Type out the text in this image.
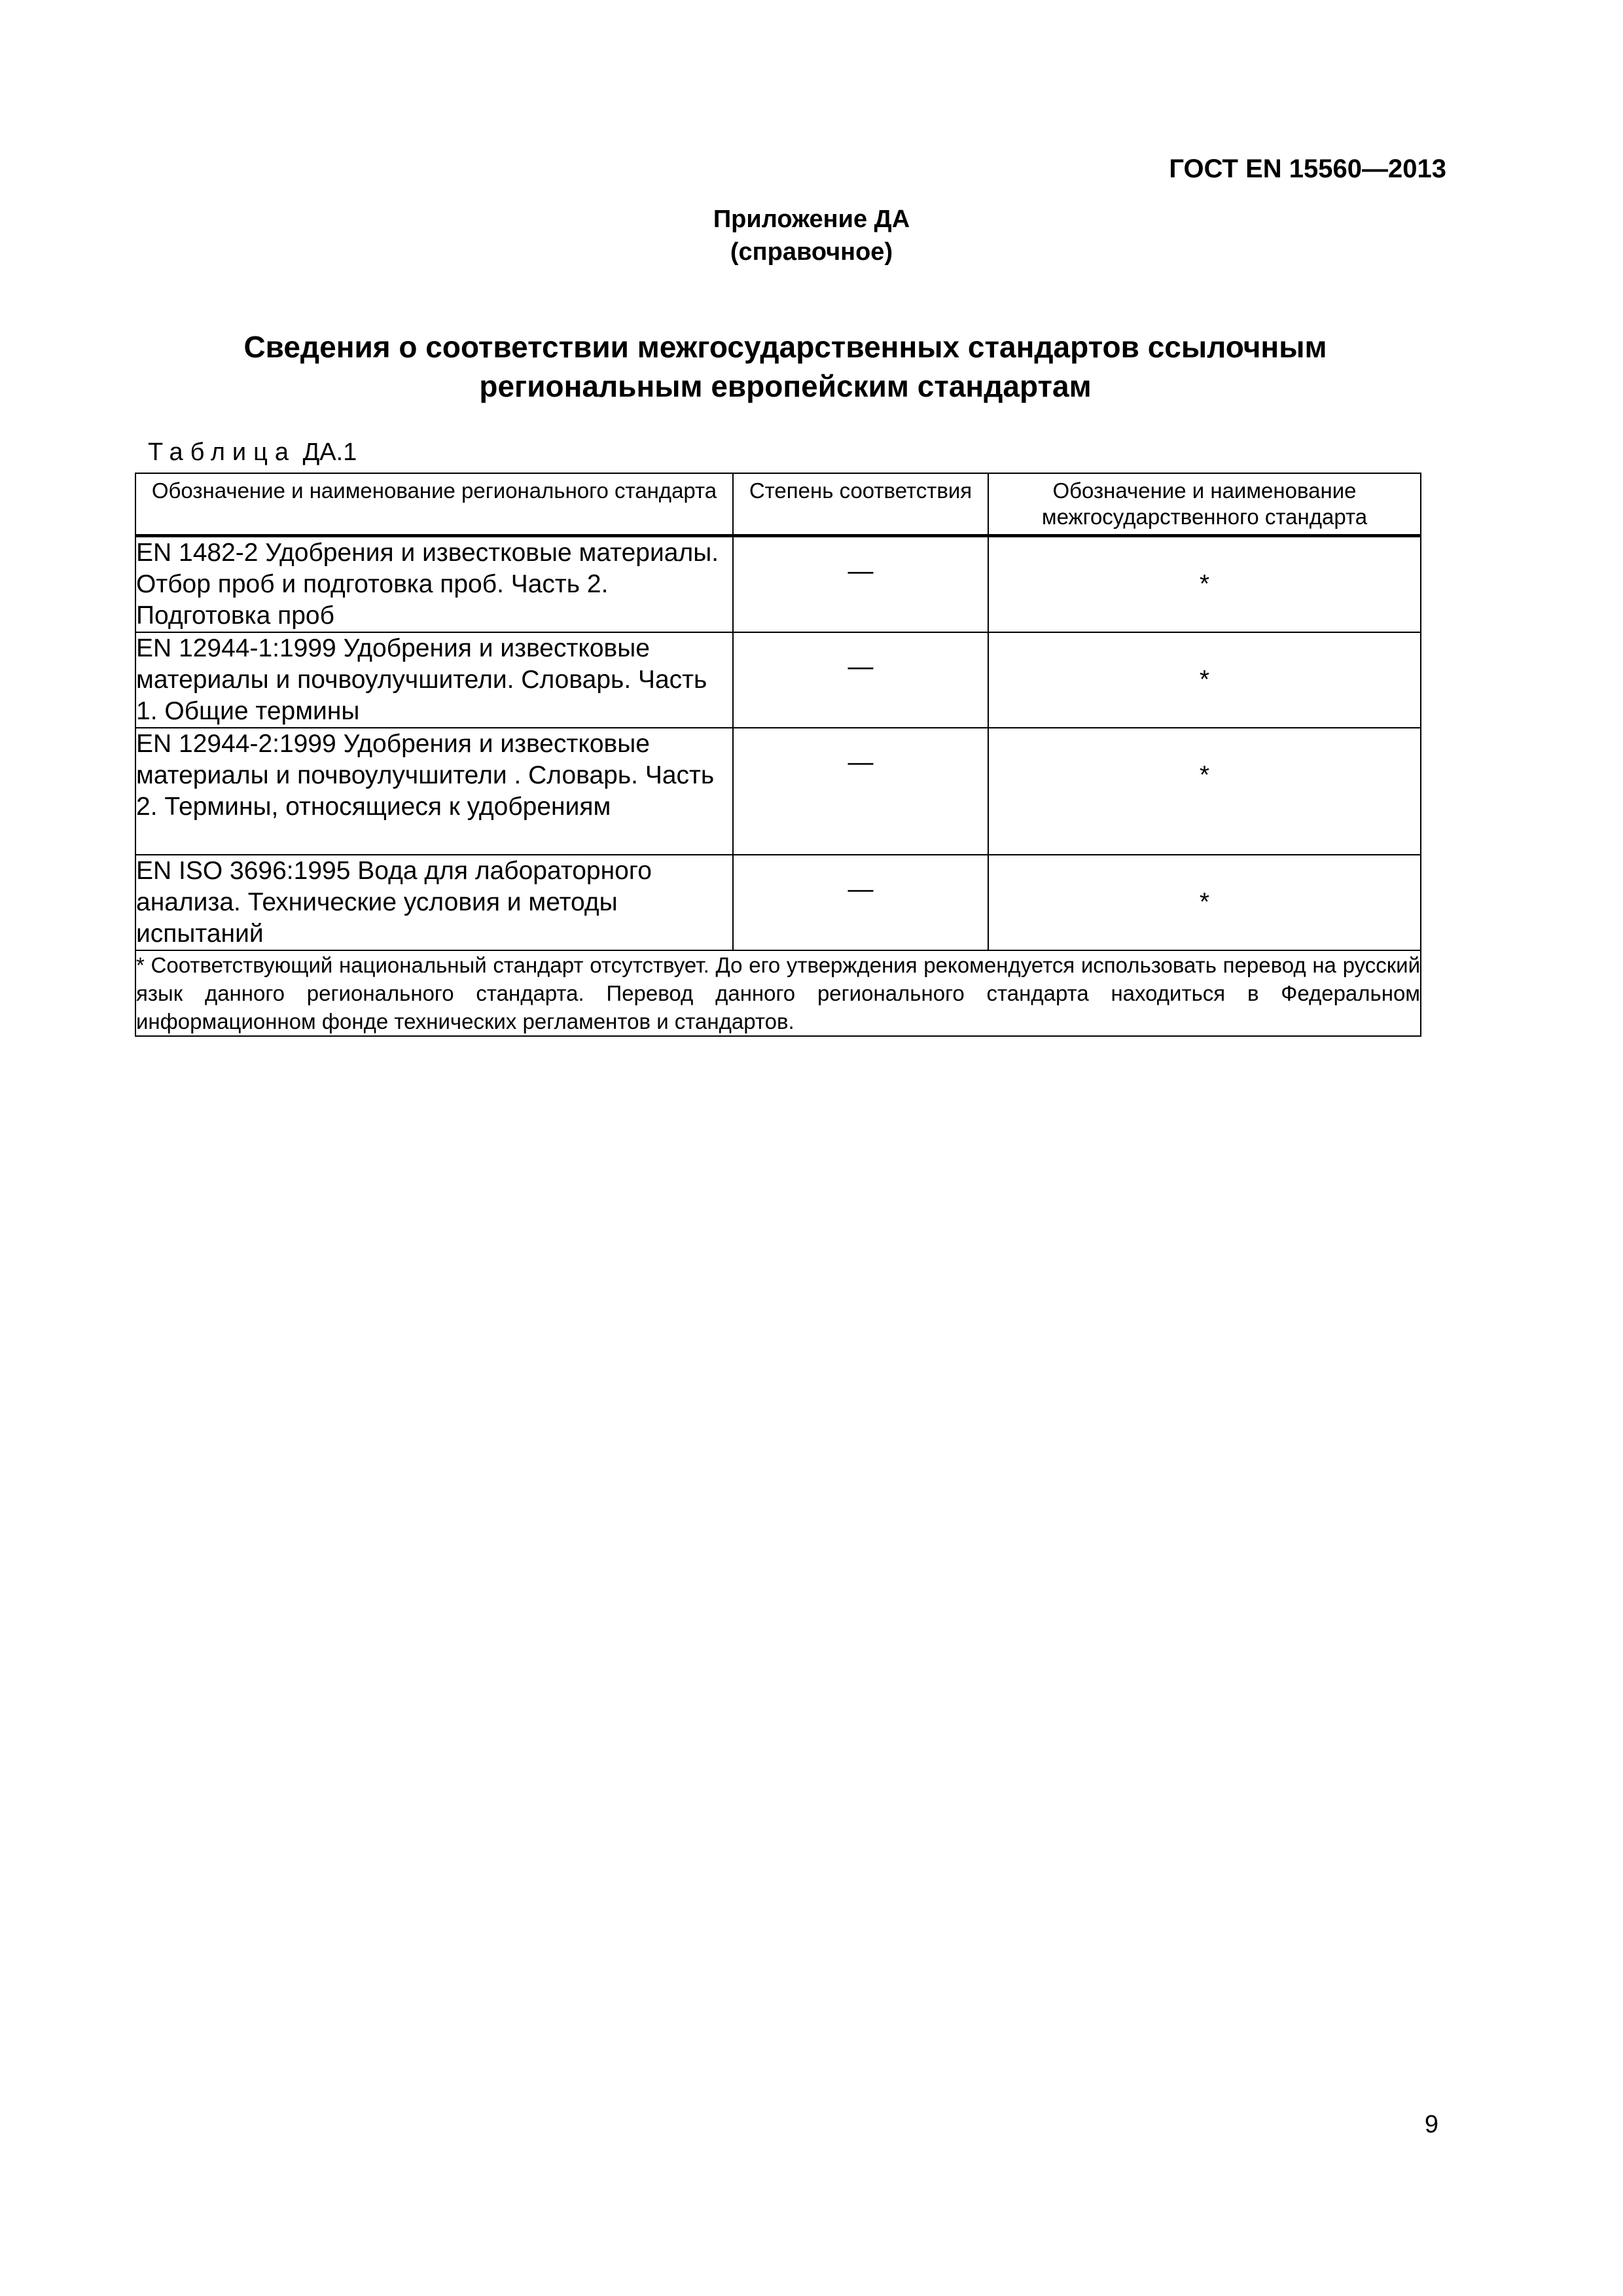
ГОСТ EN 15560—2013
Приложение ДА
(справочное)
Сведения о соответствии межгосударственных стандартов ссылочным
региональным европейским стандартам
Таблица ДА.1
Обозначение и наименование регионального стандарта	Степень соответствия	Обозначение и наименование межгосударственного стандарта
EN 1482-2 Удобрения и известковые материалы. Отбор проб и подготовка проб. Часть 2. Подготовка проб	—	*

EN 12944-1:1999 Удобрения и известковые материалы и почвоулучшители. Словарь. Часть 1. Общие термины	—	*

EN 12944-2:1999 Удобрения и известковые материалы и почвоулучшители . Словарь. Часть 2. Термины, относящиеся к удобрениям	—	*

EN ISO 3696:1995 Вода для лабораторного анализа. Технические условия и методы испытаний	—	*

* Соответствующий национальный стандарт отсутствует. До его утверждения рекомендуется использовать перевод на русский язык данного регионального стандарта. Перевод данного регионального стандарта находиться в Федеральном информационном фонде технических регламентов и стандартов.		
9
